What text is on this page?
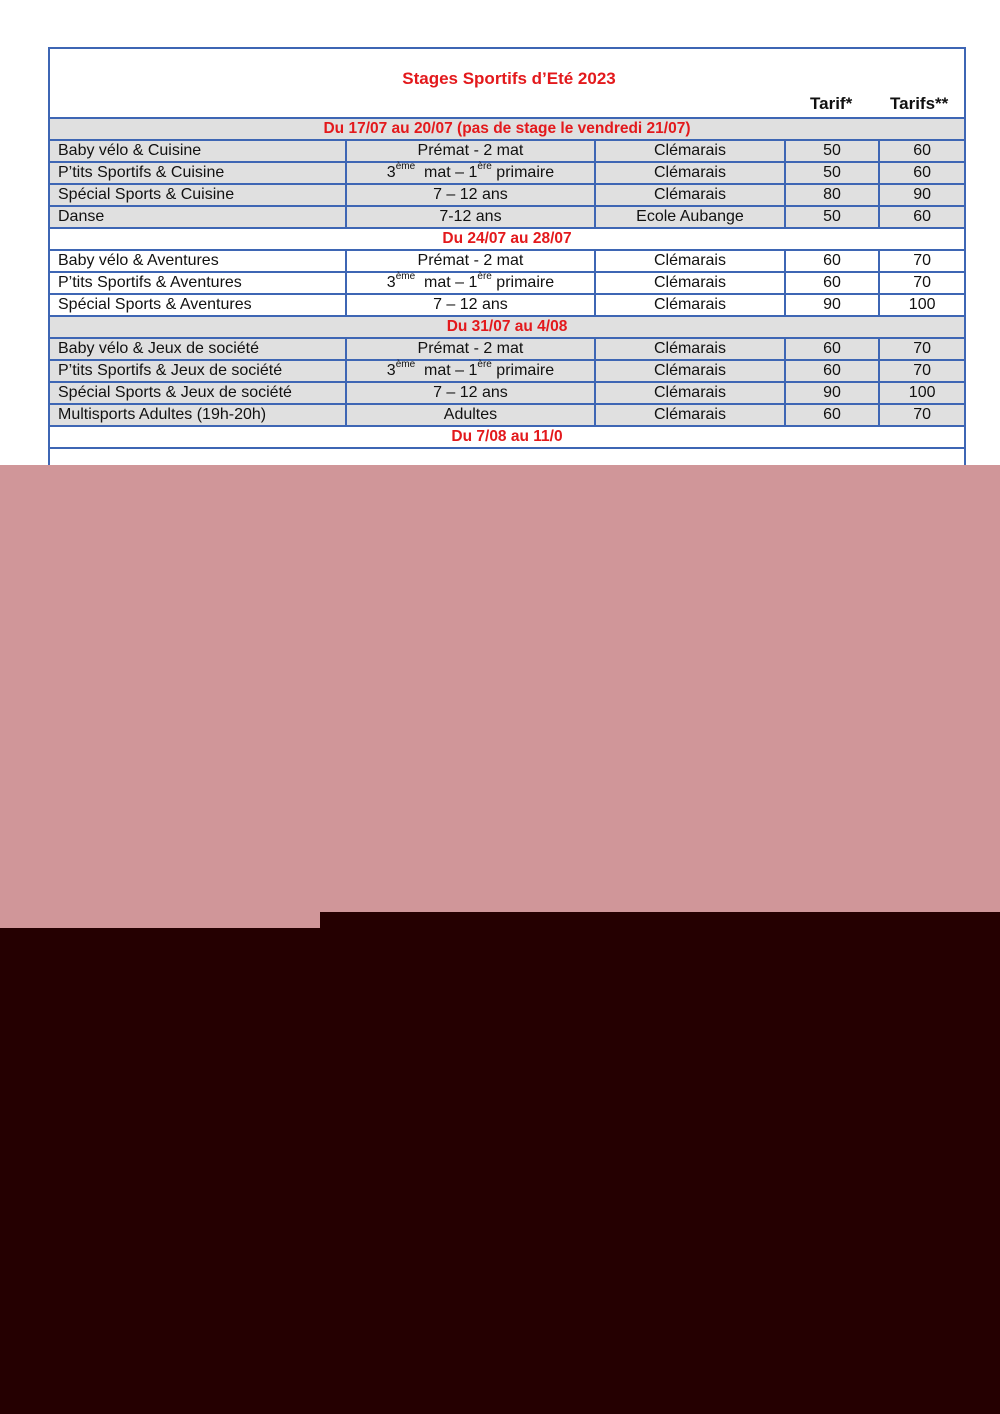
Stages Sportifs d’Eté 2023
Tarif* Tarifs**
Du 17/07 au 20/07 (pas de stage le vendredi 21/07)				
Baby vélo & Cuisine	Prémat - 2 mat	Clémarais	50	60
P’tits Sportifs & Cuisine	3ème  mat – 1ère primaire	Clémarais	50	60
Spécial Sports & Cuisine	7 – 12 ans	Clémarais	80	90
Danse	7-12 ans	Ecole Aubange	50	60
Du 24/07 au 28/07				
Baby vélo & Aventures	Prémat - 2 mat	Clémarais	60	70
P’tits Sportifs & Aventures	3ème  mat – 1ère primaire	Clémarais	60	70
Spécial Sports & Aventures	7 – 12 ans	Clémarais	90	100
Du 31/07 au 4/08				
Baby vélo & Jeux de société	Prémat - 2 mat	Clémarais	60	70
P’tits Sportifs & Jeux de société	3ème  mat – 1ère primaire	Clémarais	60	70
Spécial Sports & Jeux de société	7 – 12 ans	Clémarais	90	100
Multisports Adultes (19h-20h)	Adultes	Clémarais	60	70
Du 7/08 au 11/0				
